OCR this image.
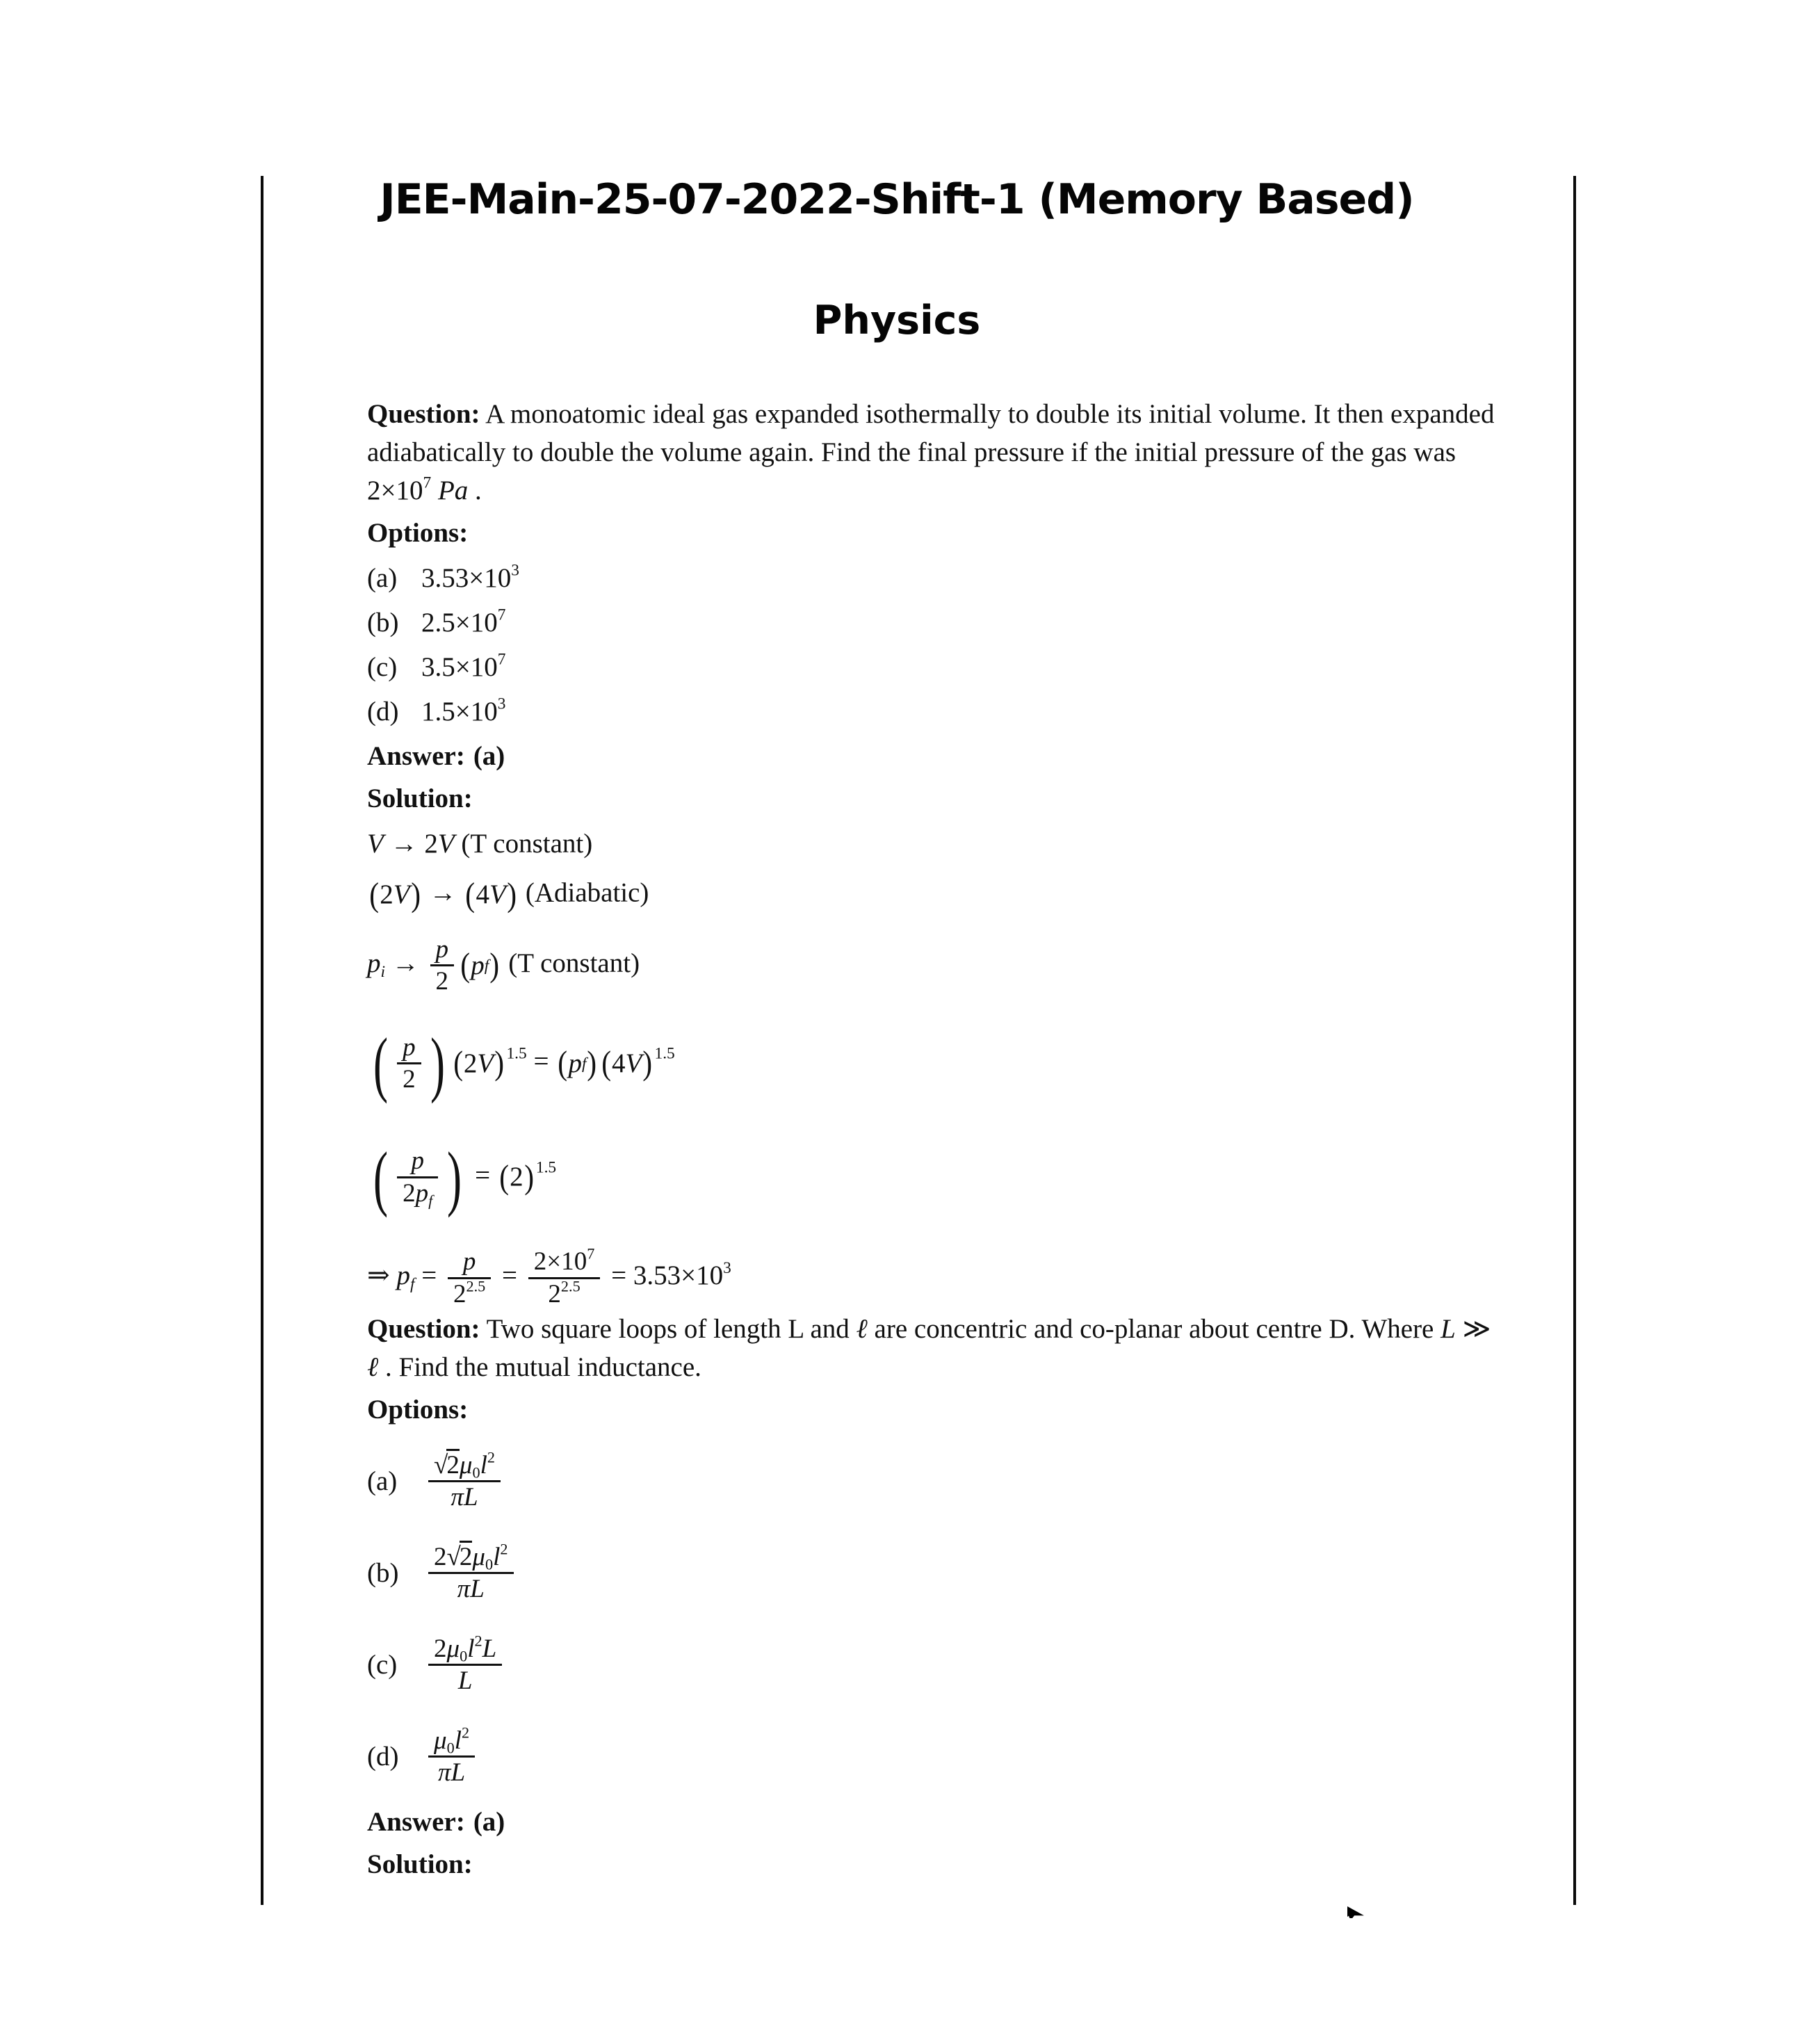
JEE-Main-25-07-2022-Shift-1 (Memory Based)
Physics

Question: A monoatomic ideal gas expanded isothermally to double its initial volume. It then expanded adiabatically to double the volume again. Find the final pressure if the initial pressure of the gas was $2\times 10^7$ Pa .

Options:
(a) $3.53\times 10^3$
(b) $2.5\times 10^7$
(c) $3.5\times 10^7$
(d) $1.5\times 10^3$
Answer: (a)
Solution:
V → 2V (T constant)
( 2 V ) → ( 4 V ) (Adiabatic)
$p_i \to \frac{p}{2}$ ( p f ) (T constant)
( $\frac{p}{2}$ ) ( 2 V ) $^{1.5}$ = ( p f ) ( 4 V ) $^{1.5}$
( $\frac{p}{2p_f}$ ) = ( 2 ) $^{1.5}$
⇒ $p_f = \frac{p}{2^{2.5}} = \frac{2\times 10^7}{2^{2.5}} = 3.53\times 10^3$

Question: Two square loops of length L and ℓ are concentric and co-planar about centre D. Where L ≫ ℓ . Find the mutual inductance.

Options:
(a)	$\frac{√2\mu_0l^2}{\pi L}$
(b)	$\frac{2√2\mu_0l^2}{\pi L}$
(c)	$\frac{2\mu_0l^2L}{L}$
(d)	$\frac{\mu_0l^2}{\pi L}$
Answer: (a)
Solution:
